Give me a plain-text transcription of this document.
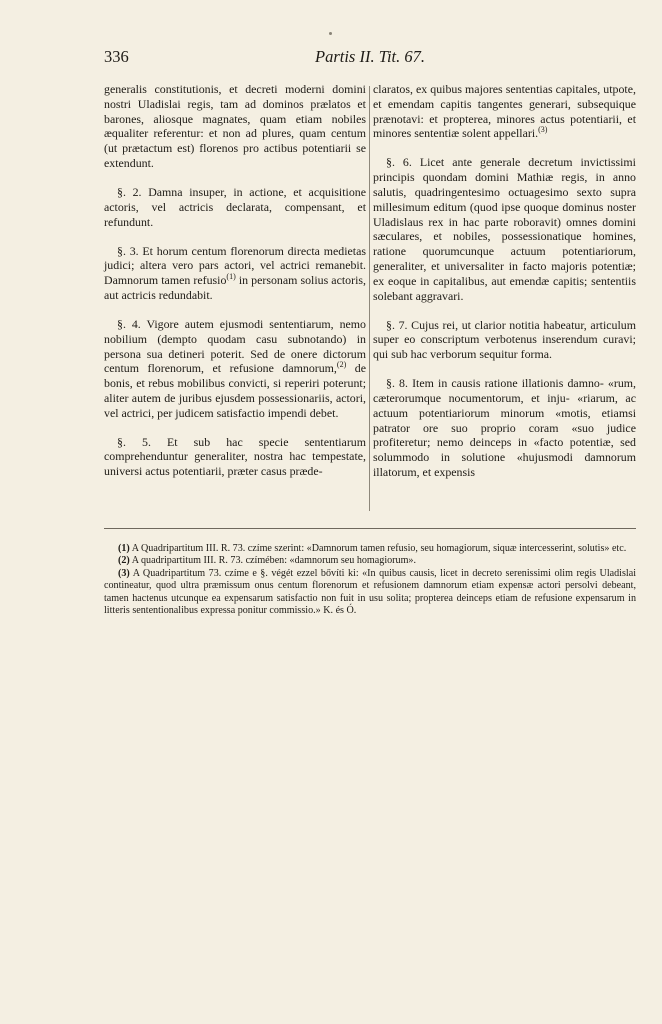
336	Partis II. Tit. 67.

generalis constitutionis, et decreti moderni domini nostri Uladislai regis, tam ad dominos prælatos et barones, aliosque magnates, quam etiam nobiles æqualiter referentur: et non ad plures, quam centum (ut prætactum est) florenos pro actibus potentiarii se extendunt.

§. 2. Damna insuper, in actione, et acquisitione actoris, vel actricis declarata, compensant, et refundunt.

§. 3. Et horum centum florenorum directa medietas judici; altera vero pars actori, vel actrici remanebit. Damnorum tamen refusio$^{(1)}$ in personam solius actoris, aut actricis redundabit.

§. 4. Vigore autem ejusmodi sententiarum, nemo nobilium (dempto quodam casu subnotando) in persona sua detineri poterit. Sed de onere dictorum centum florenorum, et refusione damnorum,$^{(2)}$ de bonis, et rebus mobilibus convicti, si reperiri poterunt; aliter autem de juribus ejusdem possessionariis, actori, vel actrici, per judicem satisfactio impendi debet.

§. 5. Et sub hac specie sententiarum comprehenduntur generaliter, nostra hac tempestate, universi actus potentiarii, præter casus præde-

claratos, ex quibus majores sententias capitales, utpote, et emendam capitis tangentes generari, subsequique prænotavi: et propterea, minores actus potentiarii, et minores sententiæ solent appellari.$^{(3)}$

§. 6. Licet ante generale decretum invictissimi principis quondam domini Mathiæ regis, in anno salutis, quadringentesimo octuagesimo sexto supra millesimum editum (quod ipse quoque dominus noster Uladislaus rex in hac parte roboravit) omnes domini sæculares, et nobiles, possessionatique homines, ratione quorumcunque actuum potentiariorum, generaliter, et universaliter in facto majoris potentiæ; ex eoque in capitalibus, aut emendæ capitis; sententiis solebant aggravari.

§. 7. Cujus rei, ut clarior notitia habeatur, articulum super eo conscriptum verbotenus inserendum curavi; qui sub hac verborum sequitur forma.

§. 8. Item in causis ratione illationis damno- «rum, cæterorumque nocumentorum, et inju- «riarum, ac actuum potentiariorum minorum «motis, etiamsi patrator ore suo proprio coram «suo judice profiteretur; nemo deinceps in «facto potentiæ, sed solummodo in solutione «hujusmodi damnorum illatorum, et expensis

(1) A Quadripartitum III. R. 73. czíme szerint: «Damnorum tamen refusio, seu homagiorum, siquæ intercesserint, solutis» etc.

(2) A quadripartitum III. R. 73. czímében: «damnorum seu homagiorum».

(3) A Quadripartitum 73. czíme e §. végét ezzel bővíti ki: «In quibus causis, licet in decreto serenissimi olim regis Uladislai contineatur, quod ultra præmissum onus centum florenorum et refusionem damnorum etiam expensæ actori persolvi debeant, tamen hactenus utcunque ea expensarum satisfactio non fuit in usu solita; propterea deinceps etiam de refusione expensarum in litteris sententionalibus expressa ponitur commissio.» K. és Ó.
